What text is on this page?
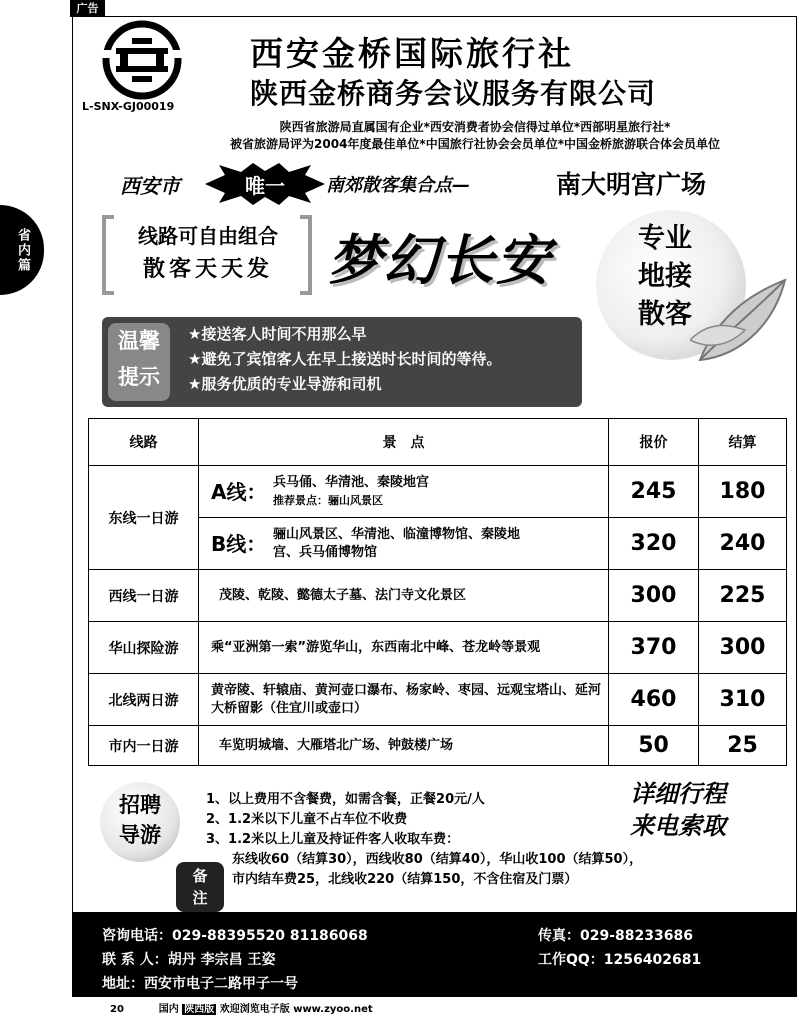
广告
省内篇
L-SNX-GJ00019
西安金桥国际旅行社
陕西金桥商务会议服务有限公司
陕西省旅游局直属国有企业*西安消费者协会信得过单位*西部明星旅行社*
被省旅游局评为2004年度最佳单位*中国旅行社协会会员单位*中国金桥旅游联合体会员单位
西安市	唯一	南郊散客集合点—	南大明宫广场
线路可自由组合
散客天天发	梦幻长安	专业
地接
散客
温馨
提示
★接送客人时间不用那么早
★避免了宾馆客人在早上接送时长时间的等待。
★服务优质的专业导游和司机
线路	景　点	报价	结算
东线一日游	A线： 兵马俑、华清池、秦陵地宫
推荐景点：骊山风景区	245	180
	B线： 骊山风景区、华清池、临潼博物馆、秦陵地宫、兵马俑博物馆	320	240
西线一日游	茂陵、乾陵、懿德太子墓、法门寺文化景区	300	225
华山探险游	乘“亚洲第一索”游览华山，东西南北中峰、苍龙岭等景观	370	300
北线两日游	黄帝陵、轩辕庙、黄河壶口瀑布、杨家岭、枣园、远观宝塔山、延河大桥留影（住宜川或壶口）	460	310
市内一日游	车览明城墙、大雁塔北广场、钟鼓楼广场	50	25
招聘
导游
1、以上费用不含餐费，如需含餐，正餐20元/人
2、1.2米以下儿童不占车位不收费
3、1.2米以上儿童及持证件客人收取车费：
东线收60（结算30），西线收80（结算40），华山收100（结算50），
市内结车费25，北线收220（结算150，不含住宿及门票）
备
注
详细行程
来电索取
咨询电话：029-88395520 81186068
联 系 人：胡丹 李宗昌 王姿
地址：西安市电子二路甲子一号
传真：029-88233686
工作QQ：1256402681
20	国内 陕西版 欢迎浏览电子版 www.zyoo.net
